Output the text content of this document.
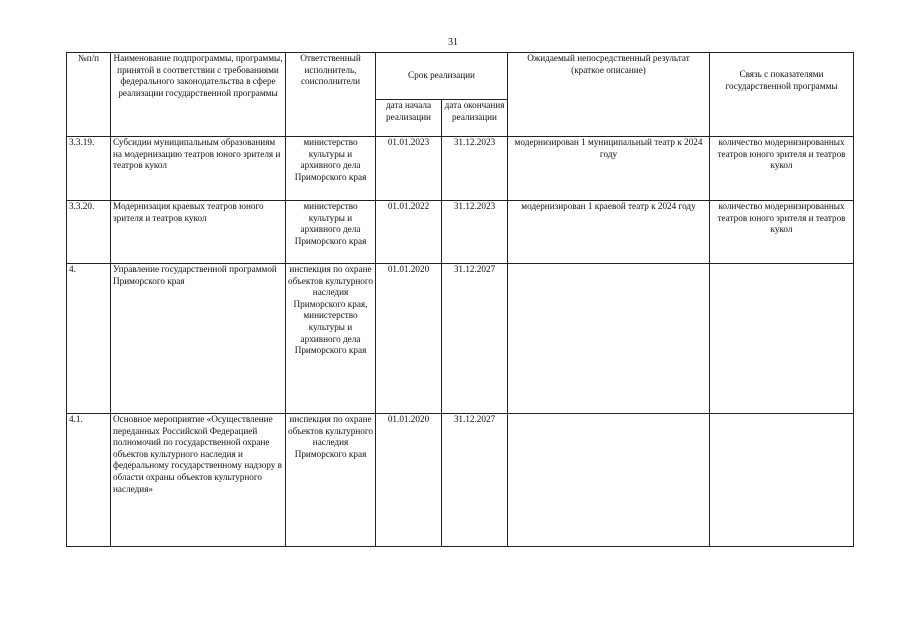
31
№п/п	Наименование подпрограммы, программы, принятой в соответствии с требованиями федерального законодательства в сфере реализации государственной программы	Ответственный исполнитель, соисполнители	Срок реализации		Ожидаемый непосредственный результат (краткое описание)	Связь с показателями государственной программы
			дата начала реализации	дата окончания реализации		
3.3.19.	Субсидии муниципальным образованиям на модернизацию театров юного зрителя и театров кукол	министерство культуры и архивного дела Приморского края	01.01.2023	31.12.2023	модернизирован 1 муниципальный театр к 2024 году	количество модернизированных театров юного зрителя и театров кукол
3.3.20.	Модернизация краевых театров юного зрителя и театров кукол	министерство культуры и архивного дела Приморского края	01.01.2022	31.12.2023	модернизирован 1 краевой театр к 2024 году	количество модернизированных театров юного зрителя и театров кукол
4.	Управление государственной программой Приморского края	инспекция по охране объектов культурного наследия Приморского края, министерство культуры и архивного дела Приморского края	01.01.2020	31.12.2027		
4.1.	Основное мероприятие «Осуществление переданных Российской Федерацией полномочий по государственной охране объектов культурного наследия и федеральному государственному надзору в области охраны объектов культурного наследия»	инспекция по охране объектов культурного наследия Приморского края	01.01.2020	31.12.2027		
